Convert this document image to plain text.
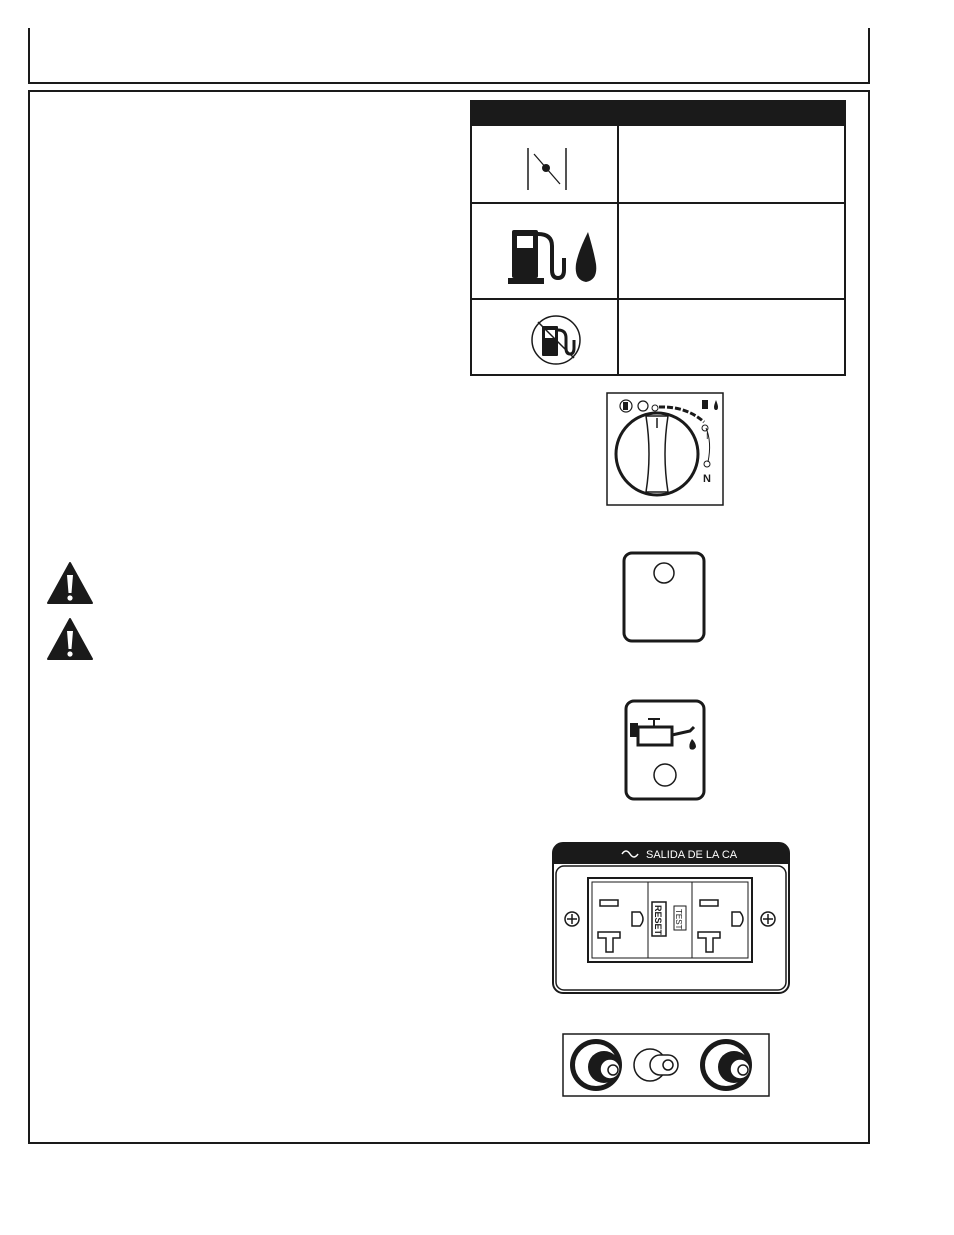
I
N
SALIDA DE LA CA
RESET TEST
